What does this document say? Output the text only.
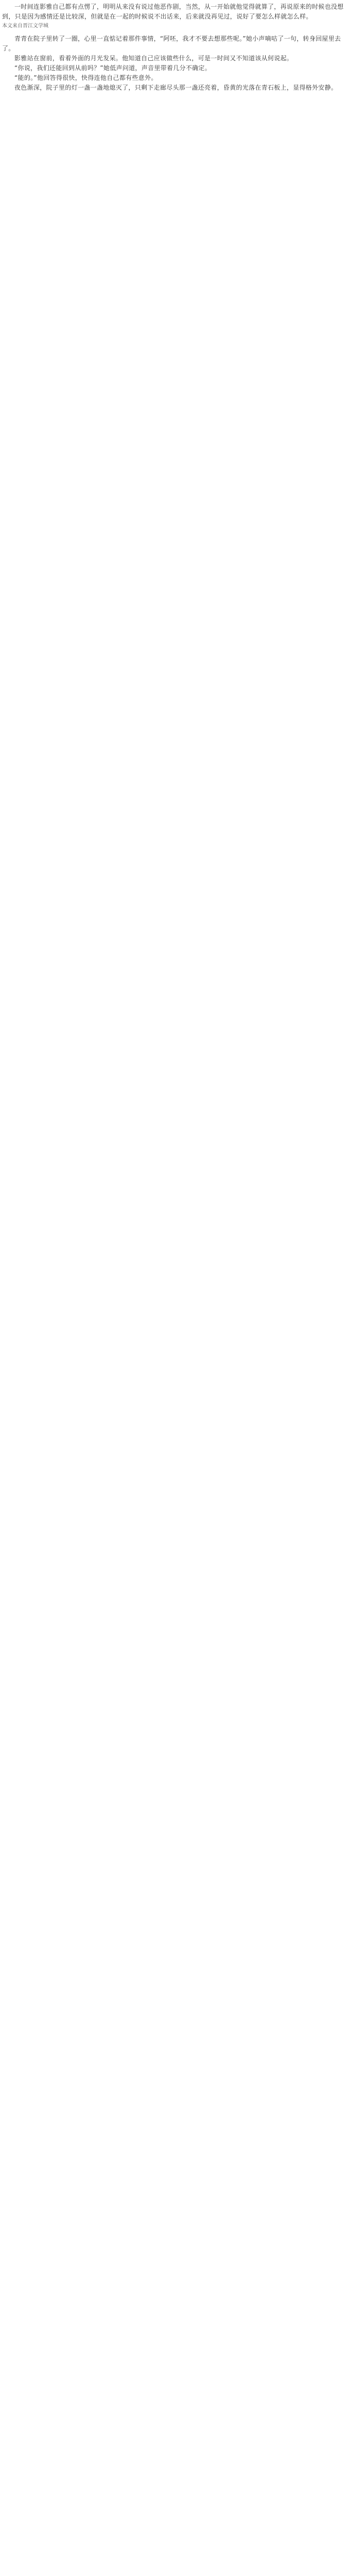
一时间连影雅自己都有点愣了，明明从来没有说过他恶作剧，当然，从一开始就他觉得就算了，再说原来的时候也没想到，只是因为感情还是比较深，但就是在一起的时候说不出话来，后来就没再见过，说好了要怎么样就怎么样。

本文来自晋江文学城

青青在院子里转了一圈，心里一直惦记着那件事情，“阿呸，我才不要去想那些呢。”她小声嘀咕了一句，转身回屋里去了。

影雅站在窗前，看着外面的月光发呆。他知道自己应该做些什么，可是一时间又不知道该从何说起。

“你说，我们还能回到从前吗？”她低声问道，声音里带着几分不确定。

“能的。”他回答得很快，快得连他自己都有些意外。

夜色渐深，院子里的灯一盏一盏地熄灭了，只剩下走廊尽头那一盏还亮着，昏黄的光落在青石板上，显得格外安静。
